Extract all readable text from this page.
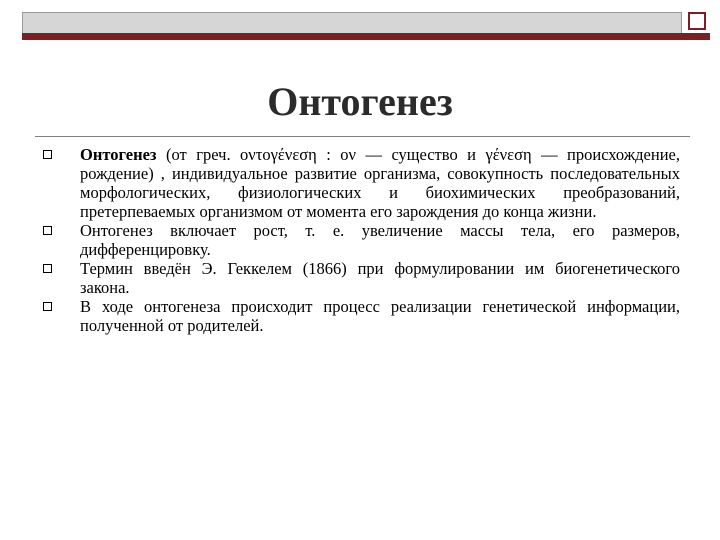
Онтогенез
Онтогенез (от греч. οντογένεση : ον — существо и γένεση — происхождение, рождение) , индивидуальное развитие организма, совокупность последовательных морфологических, физиологических и биохимических преобразований, претерпеваемых организмом от момента его зарождения до конца жизни.
Онтогенез включает рост, т. е. увеличение массы тела, его размеров, дифференцировку.
Термин введён Э. Геккелем (1866) при формулировании им биогенетического закона.
В ходе онтогенеза происходит процесс реализации генетической информации, полученной от родителей.
